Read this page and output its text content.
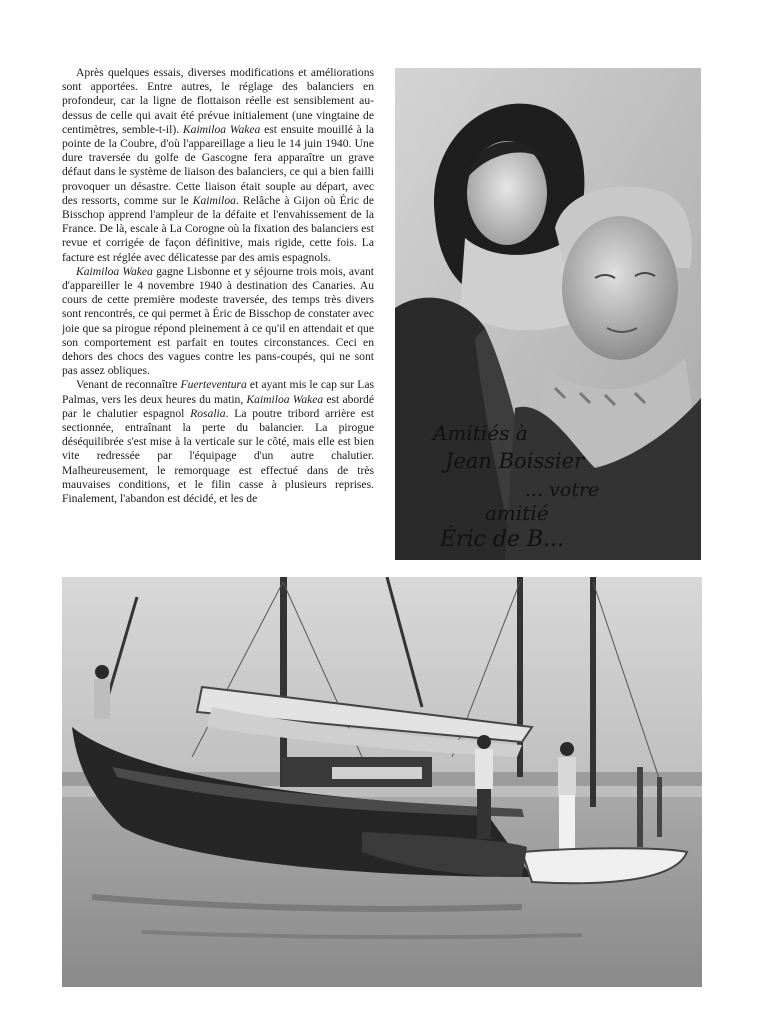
Après quelques essais, diverses modifications et améliorations sont apportées. Entre autres, le réglage des balanciers en profondeur, car la ligne de flottaison réelle est sensiblement au-dessus de celle qui avait été prévue initialement (une vingtaine de centimètres, semble-t-il). Kaimiloa Wakea est ensuite mouillé à la pointe de la Coubre, d'où l'appareillage a lieu le 14 juin 1940. Une dure traversée du golfe de Gascogne fera apparaître un grave défaut dans le système de liaison des balanciers, ce qui a bien failli provoquer un désastre. Cette liaison était souple au départ, avec des ressorts, comme sur le Kaimiloa. Relâche à Gijon où Éric de Bisschop apprend l'ampleur de la défaite et l'envahissement de la France. De là, escale à La Corogne où la fixation des balanciers est revue et corrigée de façon définitive, mais rigide, cette fois. La facture est réglée avec délicatesse par des amis espagnols.

Kaimiloa Wakea gagne Lisbonne et y séjourne trois mois, avant d'appareiller le 4 novembre 1940 à destination des Canaries. Au cours de cette première modeste traversée, des temps très divers sont rencontrés, ce qui permet à Éric de Bisschop de constater avec joie que sa pirogue répond pleinement à ce qu'il en attendait et que son comportement est parfait en toutes circonstances. Ceci en dehors des chocs des vagues contre les pans-coupés, qui ne sont pas assez obliques.

Venant de reconnaître Fuerteventura et ayant mis le cap sur Las Palmas, vers les deux heures du matin, Kaimiloa Wakea est abordé par le chalutier espagnol Rosalia. La poutre tribord arrière est sectionnée, entraînant la perte du balancier. La pirogue déséquilibrée s'est mise à la verticale sur le côté, mais elle est bien vite redressée par l'équipage d'un autre chalutier. Malheureusement, le remorquage est effectué dans de très mauvaises conditions, et le filin casse à plusieurs reprises. Finalement, l'abandon est décidé, et les de

Amitiés à
Jean Boissier
... votre
amitié
Éric de B...
